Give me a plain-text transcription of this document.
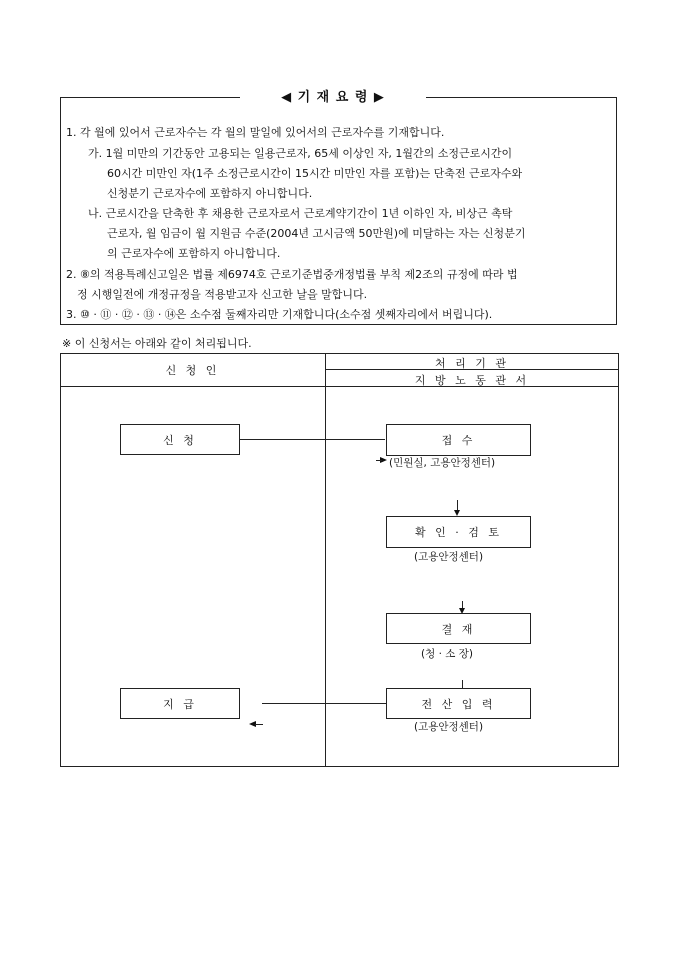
◀ 기 재 요 령 ▶
1. 각 월에 있어서 근로자수는 각 월의 말일에 있어서의 근로자수를 기재합니다.
가. 1월 미만의 기간동안 고용되는 일용근로자, 65세 이상인 자, 1월간의 소정근로시간이
60시간 미만인 자(1주 소정근로시간이 15시간 미만인 자를 포함)는 단축전 근로자수와
신청분기 근로자수에 포함하지 아니합니다.
나. 근로시간을 단축한 후 채용한 근로자로서 근로계약기간이 1년 이하인 자, 비상근 촉탁
근로자, 월 임금이 월 지원금 수준(2004년 고시금액 50만원)에 미달하는 자는 신청분기
의 근로자수에 포함하지 아니합니다.
2. ⑧의 적용특례신고일은 법률 제6974호 근로기준법중개정법률 부칙 제2조의 규정에 따라 법
정 시행일전에 개정규정을 적용받고자 신고한 날을 말합니다.
3. ⑩ · ⑪ · ⑫ · ⑬ · ⑭은 소수점 둘째자리만 기재합니다(소수점 셋째자리에서 버립니다).
※ 이 신청서는 아래와 같이 처리됩니다.
신 청 인
처 리 기 관
지 방 노 동 관 서
신 청	접 수
(민원실, 고용안정센터)
확 인 · 검 토
(고용안정센터)
결 재
(청 · 소 장)
전 산 입 력
(고용안정센터)
지 급
